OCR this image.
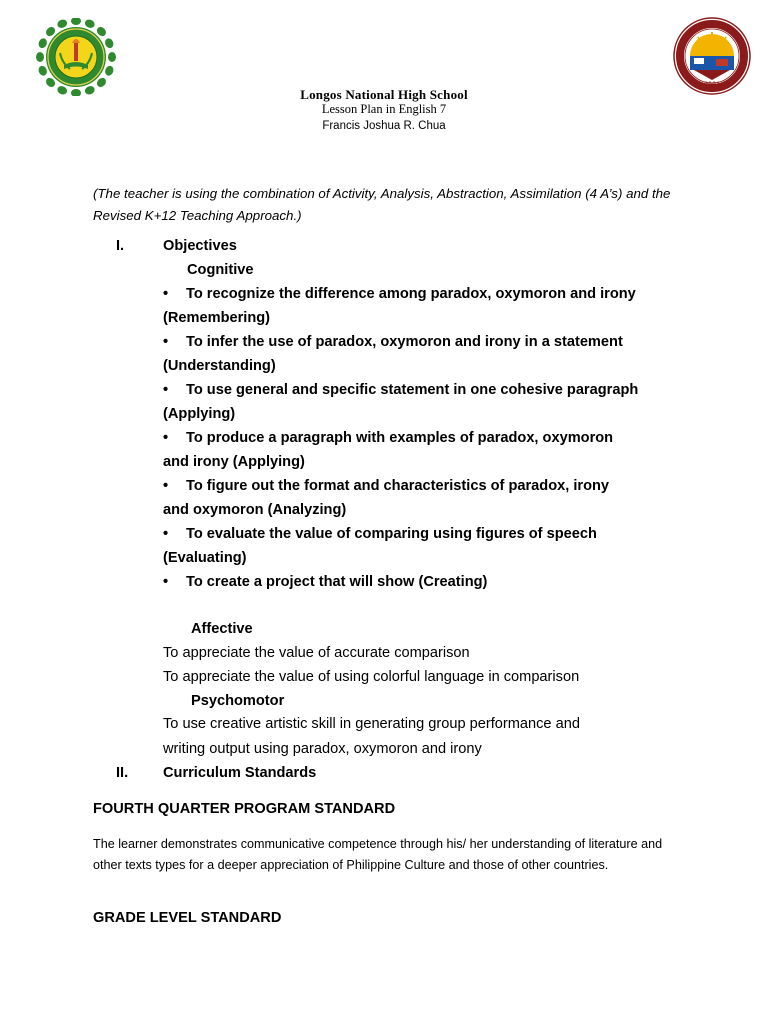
2001
Longos National High School
Lesson Plan in English 7
Francis Joshua R. Chua
(The teacher is using the combination of Activity, Analysis, Abstraction, Assimilation (4 A’s) and the Revised K+12 Teaching Approach.)
I.	Objectives
Cognitive
• To recognize the difference among paradox, oxymoron and irony
(Remembering)
• To infer the use of paradox, oxymoron and irony in a statement
(Understanding)
• To use general and specific statement in one cohesive paragraph
(Applying)
• To produce a paragraph with examples of paradox, oxymoron
and irony (Applying)
• To figure out the format and characteristics of paradox, irony
and oxymoron (Analyzing)
• To evaluate the value of comparing using figures of speech
(Evaluating)
• To create a project that will show (Creating)
Affective
To appreciate the value of accurate comparison
To appreciate the value of using colorful language in comparison
Psychomotor
To use creative artistic skill in generating group performance and
writing output using paradox, oxymoron and irony
II. Curriculum Standards
FOURTH QUARTER PROGRAM STANDARD
The learner demonstrates communicative competence through his/ her understanding of literature and other texts types for a deeper appreciation of Philippine Culture and those of other countries.
GRADE LEVEL STANDARD
